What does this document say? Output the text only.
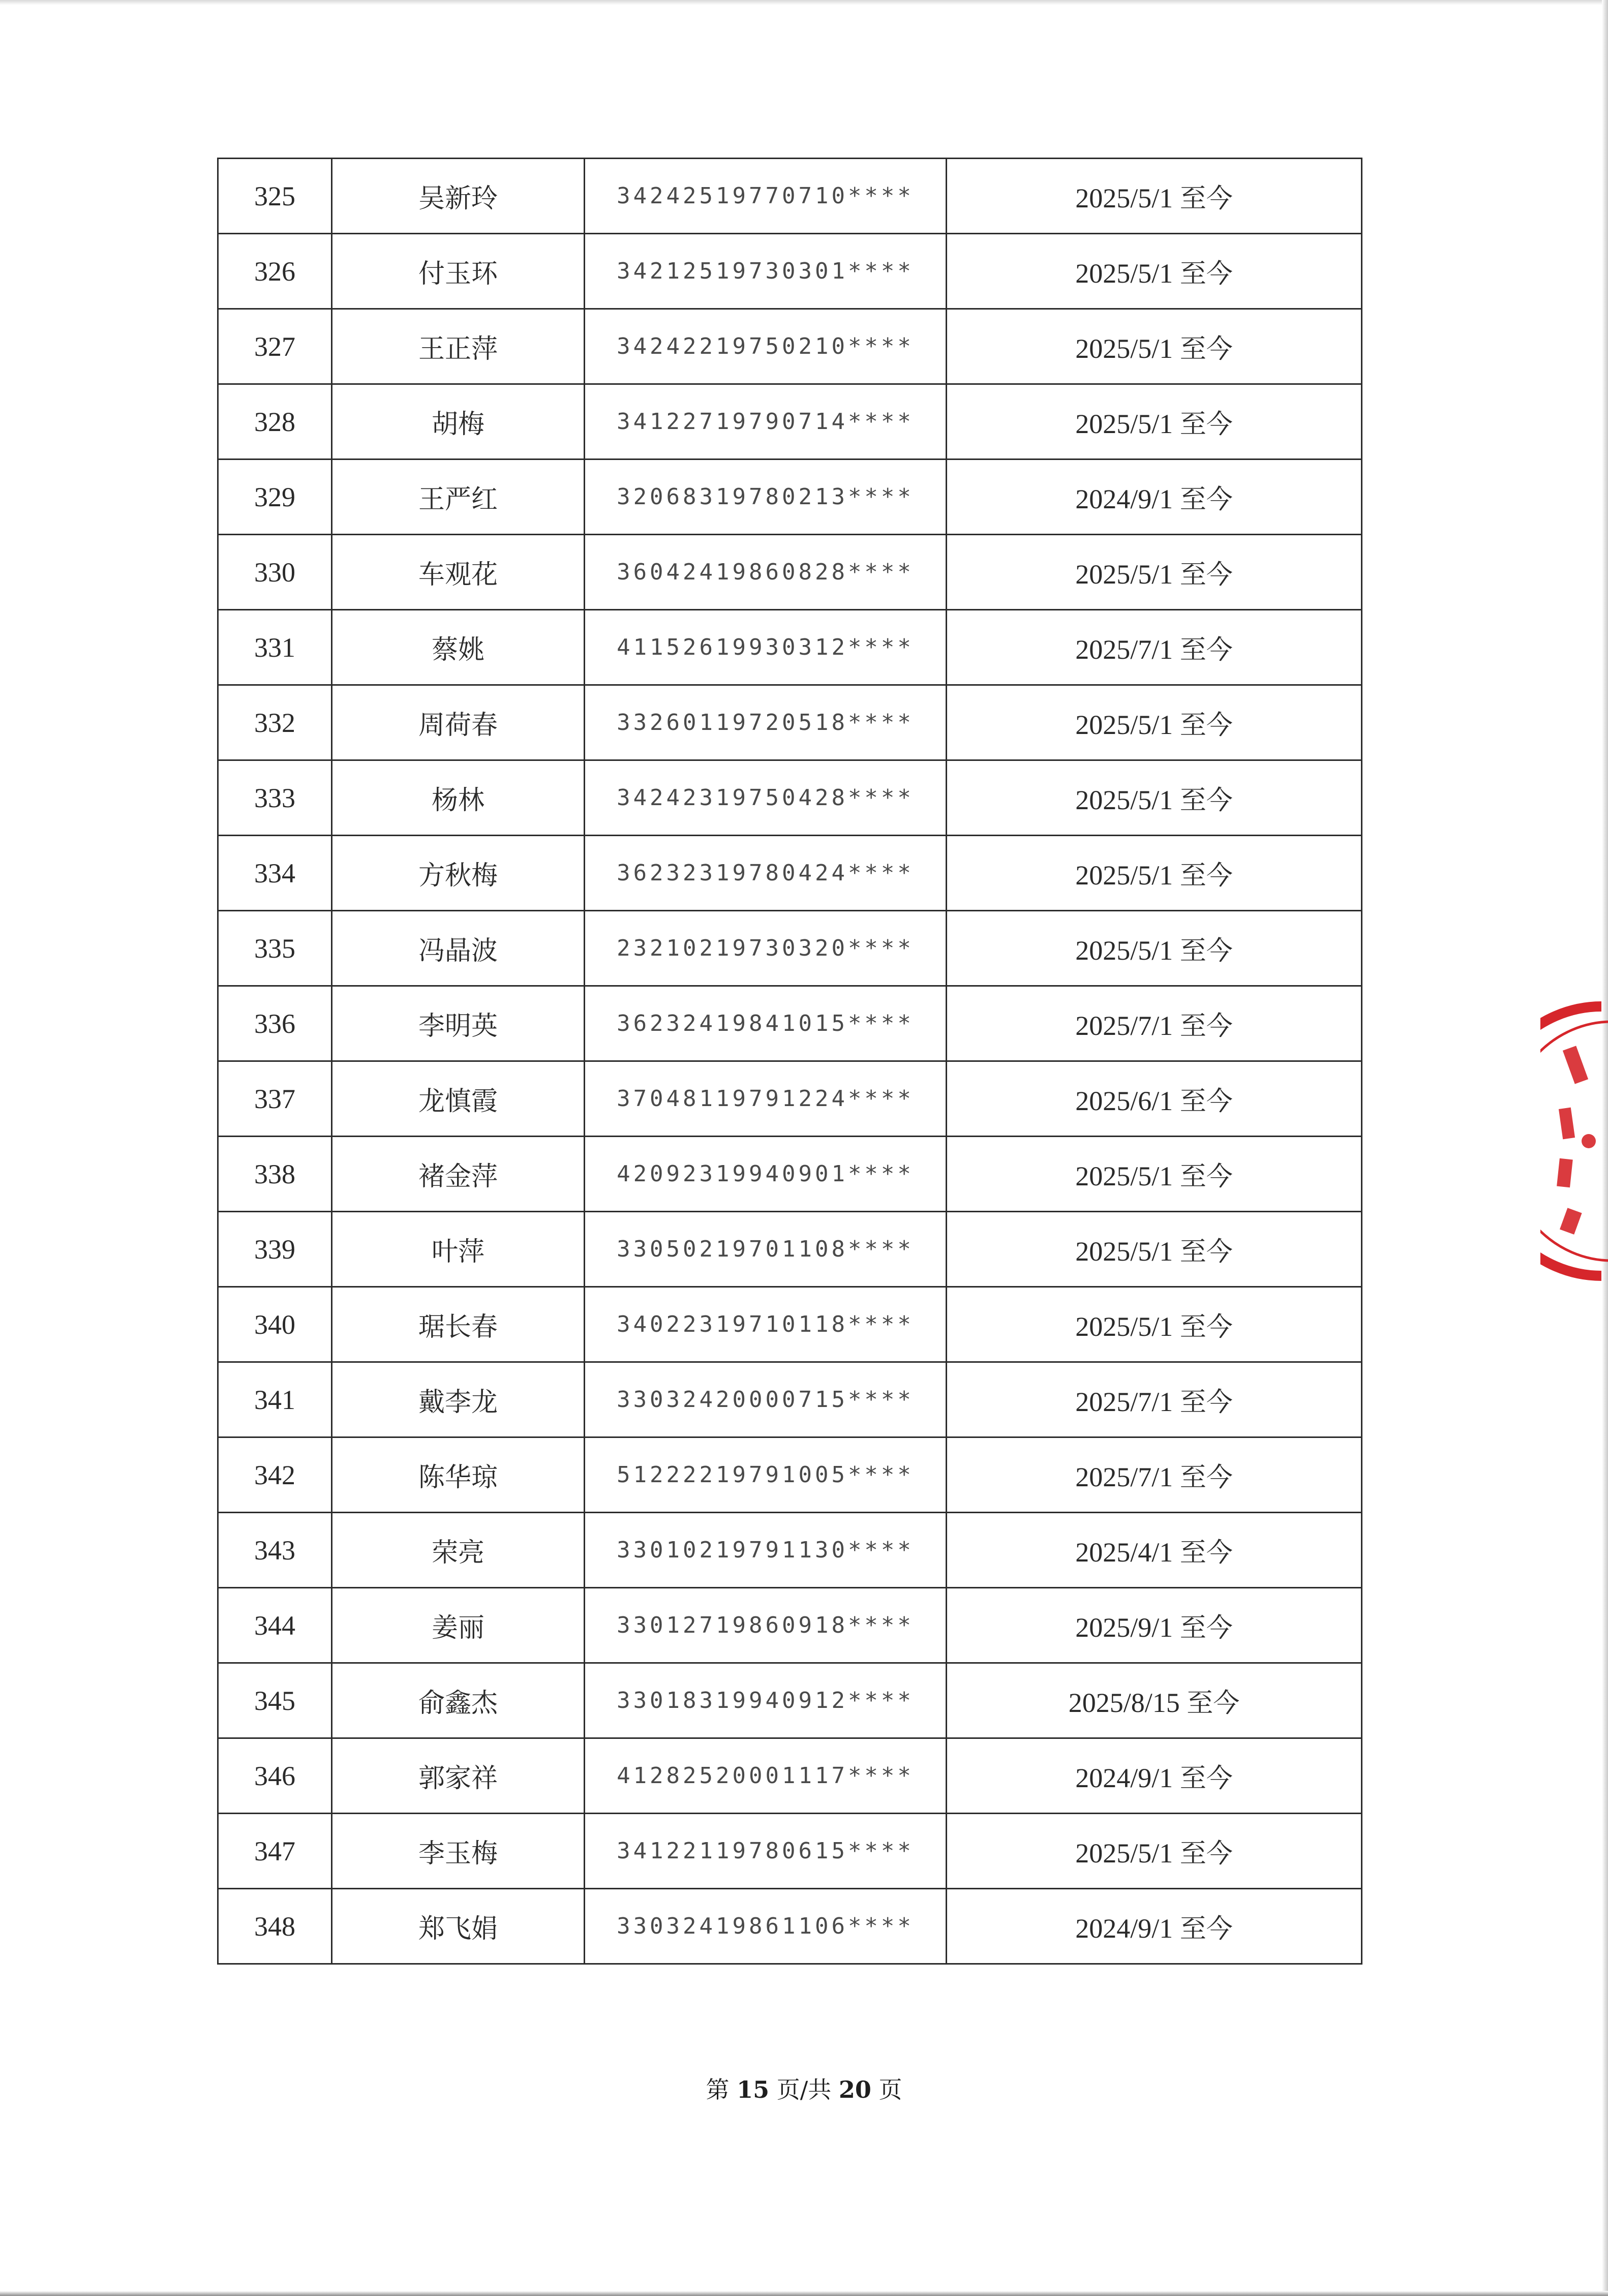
325	吴新玲	34242519770710****	2025/5/1 至今
326	付玉环	34212519730301****	2025/5/1 至今
327	王正萍	34242219750210****	2025/5/1 至今
328	胡梅	34122719790714****	2025/5/1 至今
329	王严红	32068319780213****	2024/9/1 至今
330	车观花	36042419860828****	2025/5/1 至今
331	蔡姚	41152619930312****	2025/7/1 至今
332	周荷春	33260119720518****	2025/5/1 至今
333	杨林	34242319750428****	2025/5/1 至今
334	方秋梅	36232319780424****	2025/5/1 至今
335	冯晶波	23210219730320****	2025/5/1 至今
336	李明英	36232419841015****	2025/7/1 至今
337	龙慎霞	37048119791224****	2025/6/1 至今
338	褚金萍	42092319940901****	2025/5/1 至今
339	叶萍	33050219701108****	2025/5/1 至今
340	琚长春	34022319710118****	2025/5/1 至今
341	戴李龙	33032420000715****	2025/7/1 至今
342	陈华琼	51222219791005****	2025/7/1 至今
343	荣亮	33010219791130****	2025/4/1 至今
344	姜丽	33012719860918****	2025/9/1 至今
345	俞鑫杰	33018319940912****	2025/8/15 至今
346	郭家祥	41282520001117****	2024/9/1 至今
347	李玉梅	34122119780615****	2025/5/1 至今
348	郑飞娟	33032419861106****	2024/9/1 至今
第 15 页/共 20 页
